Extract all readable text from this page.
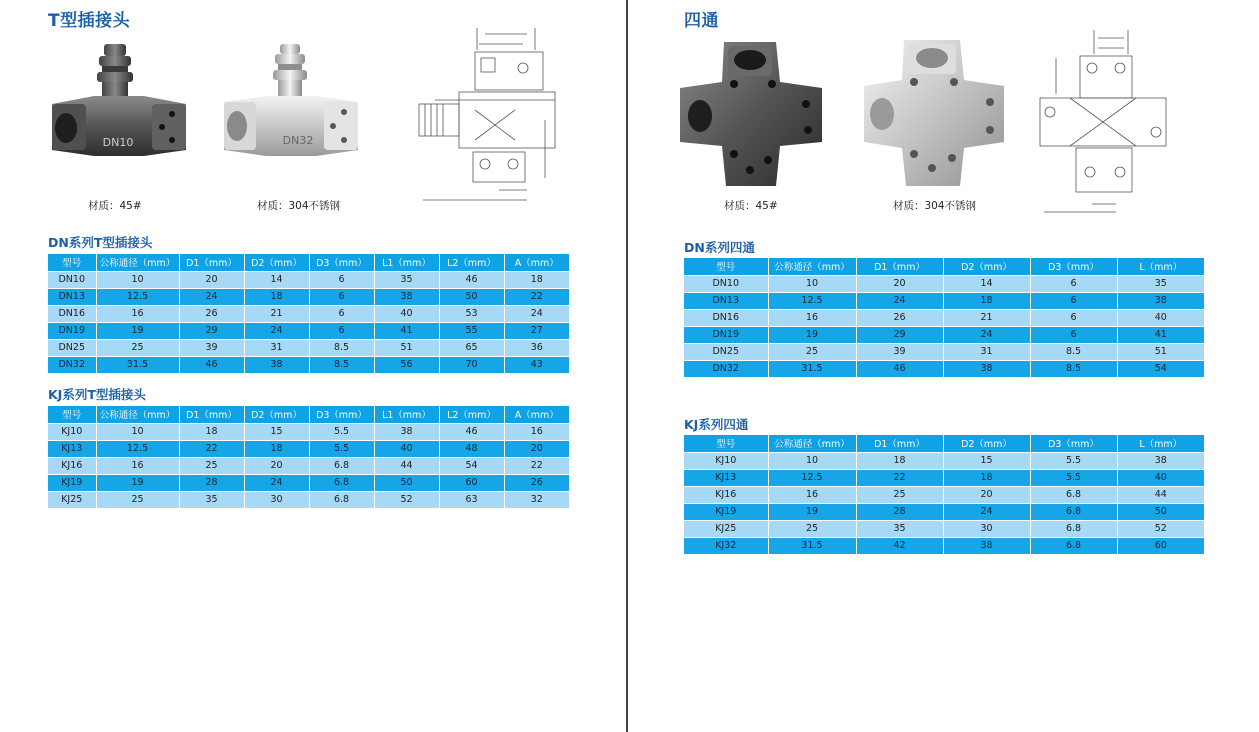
T型插接头
DN10	DN32
材质：45#	材质：304不锈钢
DN系列T型插接头
型号	公称通径（mm）	D1（mm）	D2（mm）	D3（mm）	L1（mm）	L2（mm）	A（mm）
DN10	10	20	14	6	35	46	18
DN13	12.5	24	18	6	38	50	22
DN16	16	26	21	6	40	53	24
DN19	19	29	24	6	41	55	27
DN25	25	39	31	8.5	51	65	36
DN32	31.5	46	38	8.5	56	70	43
KJ系列T型插接头
型号	公称通径（mm）	D1（mm）	D2（mm）	D3（mm）	L1（mm）	L2（mm）	A（mm）
KJ10	10	18	15	5.5	38	46	16
KJ13	12.5	22	18	5.5	40	48	20
KJ16	16	25	20	6.8	44	54	22
KJ19	19	28	24	6.8	50	60	26
KJ25	25	35	30	6.8	52	63	32
四通
材质：45#	材质：304不锈钢
DN系列四通
型号	公称通径（mm）	D1（mm）	D2（mm）	D3（mm）	L（mm）
DN10	10	20	14	6	35
DN13	12.5	24	18	6	38
DN16	16	26	21	6	40
DN19	19	29	24	6	41
DN25	25	39	31	8.5	51
DN32	31.5	46	38	8.5	54
KJ系列四通
型号	公称通径（mm）	D1（mm）	D2（mm）	D3（mm）	L（mm）
KJ10	10	18	15	5.5	38
KJ13	12.5	22	18	5.5	40
KJ16	16	25	20	6.8	44
KJ19	19	28	24	6.8	50
KJ25	25	35	30	6.8	52
KJ32	31.5	42	38	6.8	60
